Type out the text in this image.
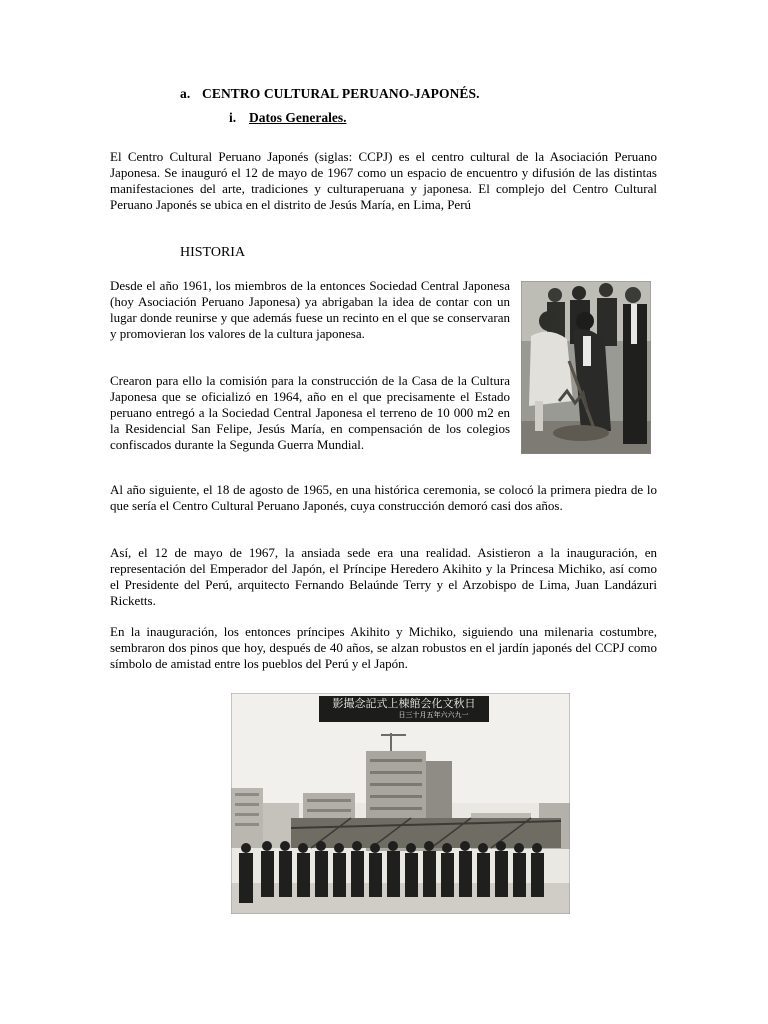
a. CENTRO CULTURAL PERUANO-JAPONÉS.
i. Datos Generales.

El Centro Cultural Peruano Japonés (siglas: CCPJ) es el centro cultural de la Asociación Peruano Japonesa. Se inauguró el 12 de mayo de 1967 como un espacio de encuentro y difusión de las distintas manifestaciones del arte, tradiciones y culturaperuana y japonesa. El complejo del Centro Cultural Peruano Japonés se ubica en el distrito de Jesús María, en Lima, Perú

HISTORIA

Desde el año 1961, los miembros de la entonces Sociedad Central Japonesa (hoy Asociación Peruano Japonesa) ya abrigaban la idea de contar con un lugar donde reunirse y que además fuese un recinto en el que se conservaran y promovieran los valores de la cultura japonesa.

Crearon para ello la comisión para la construcción de la Casa de la Cultura Japonesa que se oficializó en 1964, año en el que precisamente el Estado peruano entregó a la Sociedad Central Japonesa el terreno de 10 000 m2 en la Residencial San Felipe, Jesús María, en compensación de los colegios confiscados durante la Segunda Guerra Mundial.

Al año siguiente, el 18 de agosto de 1965, en una histórica ceremonia, se colocó la primera piedra de lo que sería el Centro Cultural Peruano Japonés, cuya construcción demoró casi dos años.

Así, el 12 de mayo de 1967, la ansiada sede era una realidad. Asistieron a la inauguración, en representación del Emperador del Japón, el Príncipe Heredero Akihito y la Princesa Michiko, así como el Presidente del Perú, arquitecto Fernando Belaúnde Terry y el Arzobispo de Lima, Juan Landázuri Ricketts.

En la inauguración, los entonces príncipes Akihito y Michiko, siguiendo una milenaria costumbre, sembraron dos pinos que hoy, después de 40 años, se alzan robustos en el jardín japonés del CCPJ como símbolo de amistad entre los pueblos del Perú y el Japón.

影撮念記式上棟館会化文秋日
日三十月五年六六九一
